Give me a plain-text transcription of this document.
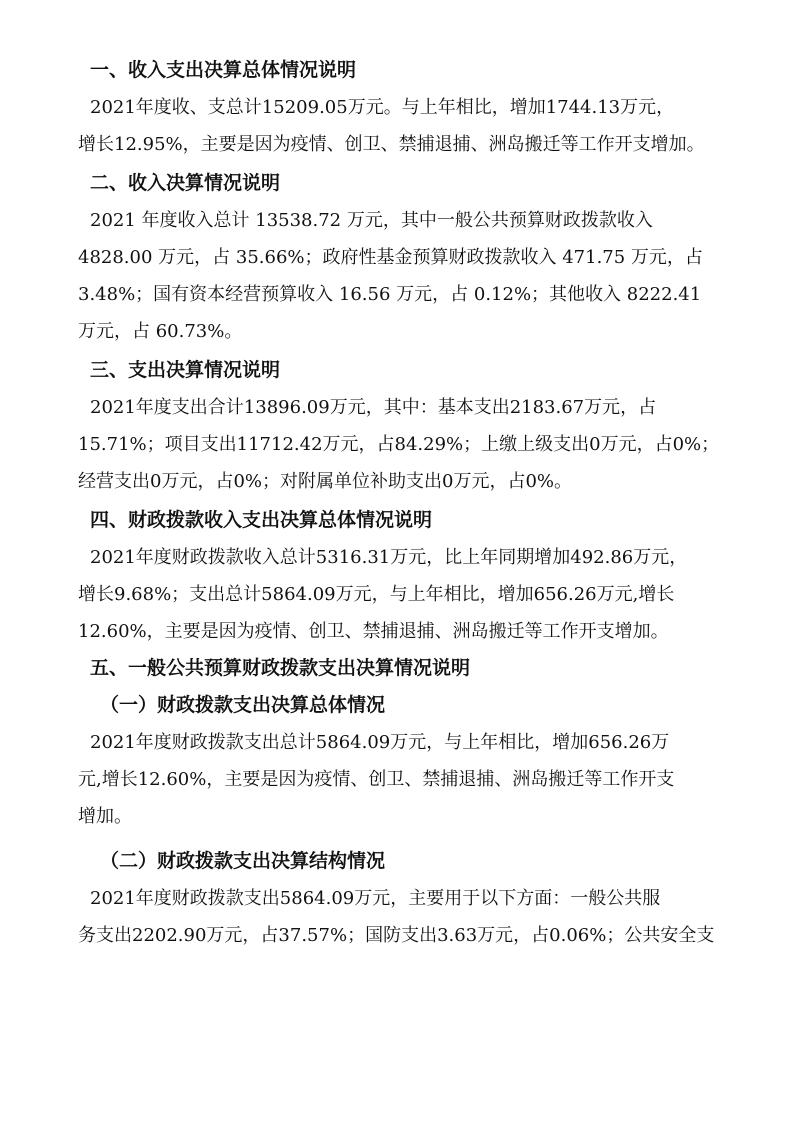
一、收入支出决算总体情况说明

2021年度收、支总计15209.05万元。与上年相比，增加1744.13万元，
增长12.95%，主要是因为疫情、创卫、禁捕退捕、洲岛搬迁等工作开支增加。

二、收入决算情况说明

2021 年度收入总计 13538.72 万元，其中一般公共预算财政拨款收入
4828.00 万元，占 35.66%；政府性基金预算财政拨款收入 471.75 万元，占
3.48%；国有资本经营预算收入 16.56 万元，占 0.12%；其他收入 8222.41
万元，占 60.73%。

三、支出决算情况说明

2021年度支出合计13896.09万元，其中：基本支出2183.67万元，占
15.71%；项目支出11712.42万元，占84.29%；上缴上级支出0万元，占0%；
经营支出0万元，占0%；对附属单位补助支出0万元，占0%。

四、财政拨款收入支出决算总体情况说明

2021年度财政拨款收入总计5316.31万元，比上年同期增加492.86万元，
增长9.68%；支出总计5864.09万元，与上年相比，增加656.26万元,增长
12.60%，主要是因为疫情、创卫、禁捕退捕、洲岛搬迁等工作开支增加。

五、一般公共预算财政拨款支出决算情况说明
（一）财政拨款支出决算总体情况

2021年度财政拨款支出总计5864.09万元，与上年相比，增加656.26万
元,增长12.60%，主要是因为疫情、创卫、禁捕退捕、洲岛搬迁等工作开支
增加。

（二）财政拨款支出决算结构情况

2021年度财政拨款支出5864.09万元，主要用于以下方面：一般公共服
务支出2202.90万元，占37.57%；国防支出3.63万元，占0.06%；公共安全支
